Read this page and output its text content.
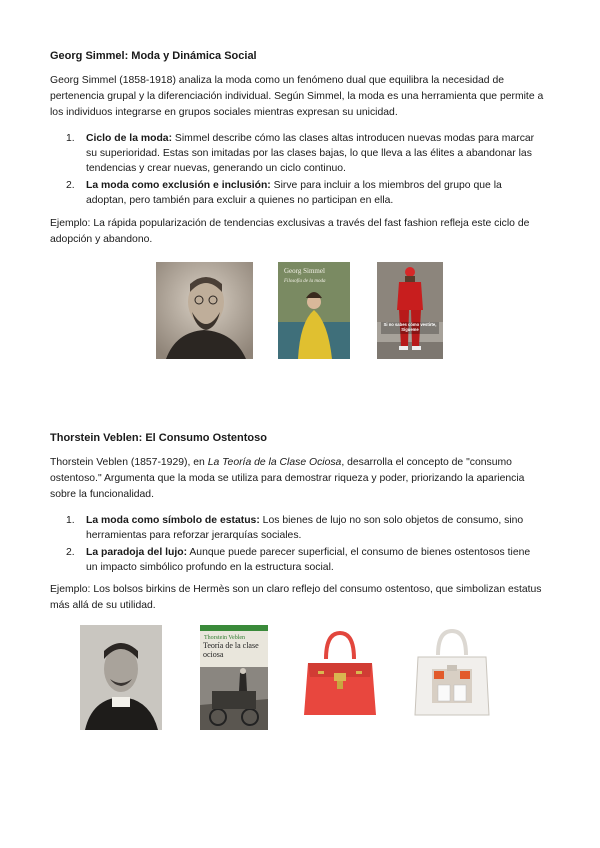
Georg Simmel: Moda y Dinámica Social

Georg Simmel (1858-1918) analiza la moda como un fenómeno dual que equilibra la necesidad de pertenencia grupal y la diferenciación individual. Según Simmel, la moda es una herramienta que permite a los individuos integrarse en grupos sociales mientras expresan su unicidad.

1. Ciclo de la moda: Simmel describe cómo las clases altas introducen nuevas modas para marcar su superioridad. Estas son imitadas por las clases bajas, lo que lleva a las élites a abandonar las tendencias y crear nuevas, generando un ciclo continuo.
2. La moda como exclusión e inclusión: Sirve para incluir a los miembros del grupo que la adoptan, pero también para excluir a quienes no participan en ella.

Ejemplo: La rápida popularización de tendencias exclusivas a través del fast fashion refleja este ciclo de adopción y abandono.

Georg Simmel
Filosofía de la moda
Si no sabes cómo vestirte, Sígueme
Thorstein Veblen: El Consumo Ostentoso

Thorstein Veblen (1857-1929), en La Teoría de la Clase Ociosa, desarrolla el concepto de "consumo ostentoso." Argumenta que la moda se utiliza para demostrar riqueza y poder, priorizando la apariencia sobre la funcionalidad.

1. La moda como símbolo de estatus: Los bienes de lujo no son solo objetos de consumo, sino herramientas para reforzar jerarquías sociales.
2. La paradoja del lujo: Aunque puede parecer superficial, el consumo de bienes ostentosos tiene un impacto simbólico profundo en la estructura social.

Ejemplo: Los bolsos birkins de Hermès son un claro reflejo del consumo ostentoso, que simbolizan estatus más allá de su utilidad.

Thorstein Veblen
Teoría de la clase ociosa
